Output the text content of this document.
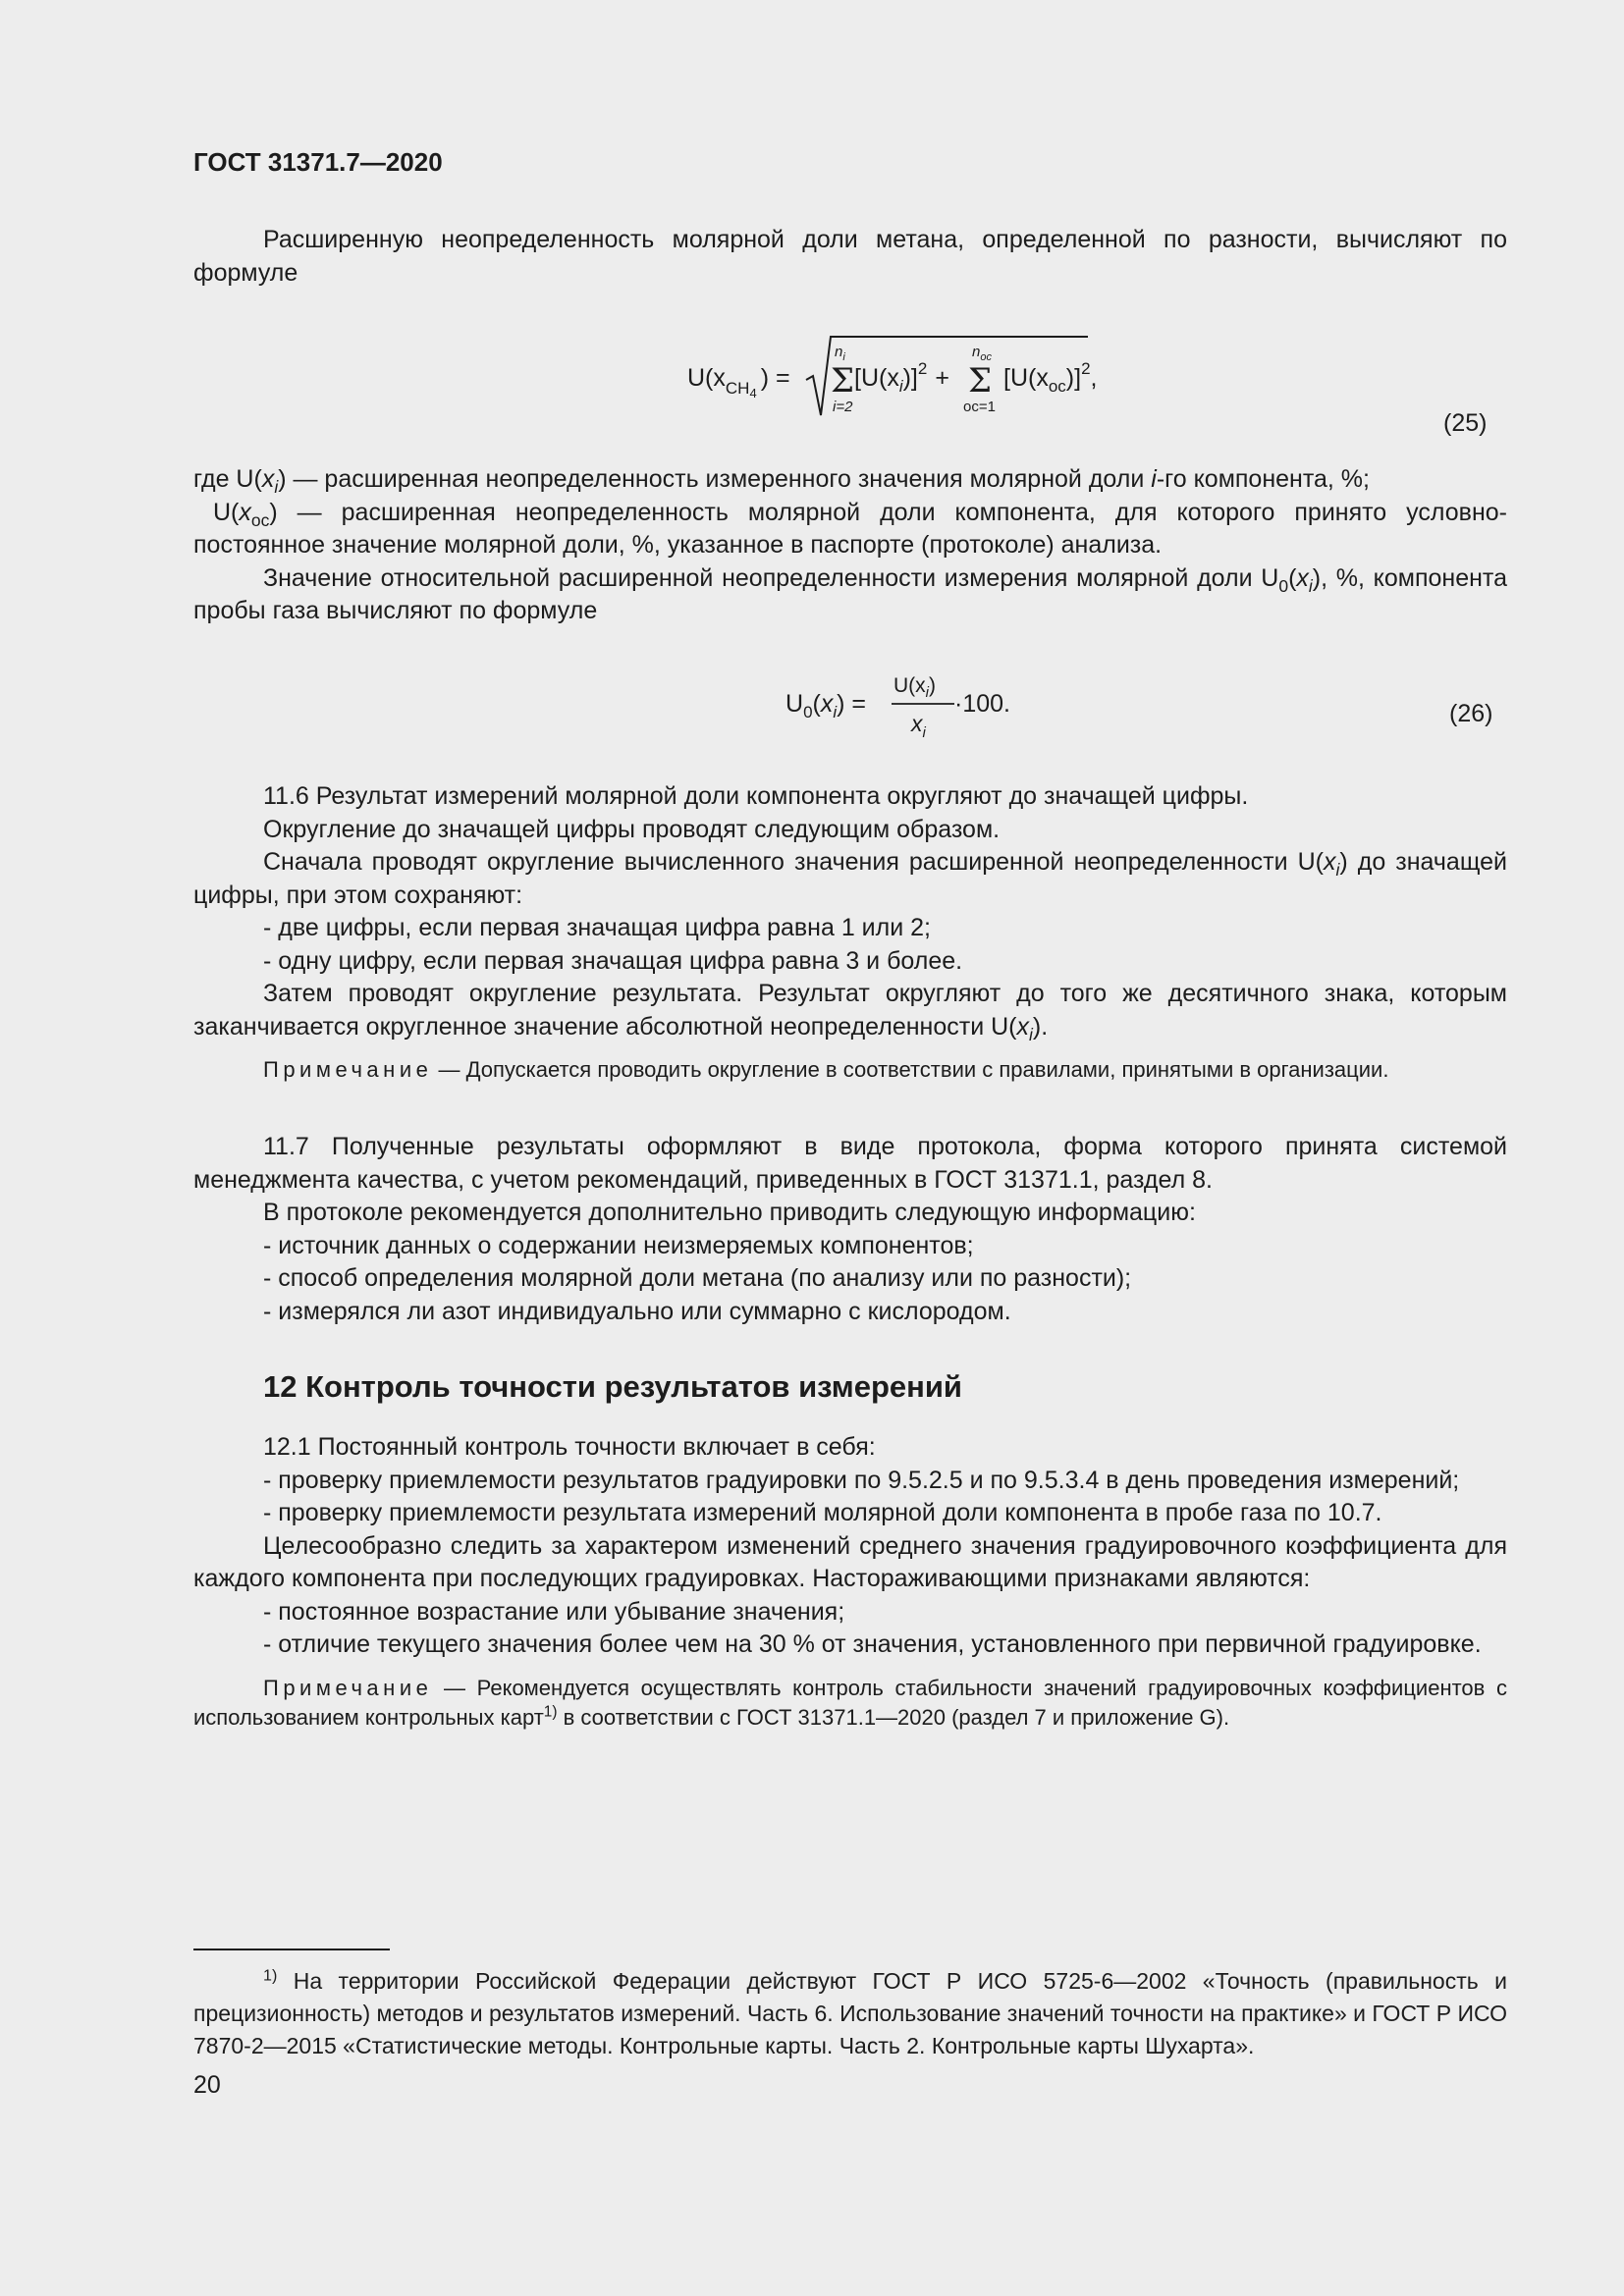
ГОСТ 31371.7—2020

Расширенную неопределенность молярной доли метана, определенной по разности, вычисляют по формуле

$U(x_{CH}4)$ =
$n_i$
Σ
i=2
$[U(x_i)]^2$ +
$n_{ос}$
Σ
ос=1
$[U(x_{ос})]^2$,
(25)

где $U(x_i)$ — расширенная неопределенность измеренного значения молярной доли i-го компонента, %;

$U(x_{ос})$ — расширенная неопределенность молярной доли компонента, для которого принято условно-постоянное значение молярной доли, %, указанное в паспорте (протоколе) анализа.

Значение относительной расширенной неопределенности измерения молярной доли $U_0(x_i)$, %, компонента пробы газа вычисляют по формуле

$U_0(x_i)$ =
$U(x_i)$
$x_i$
·100.	(26)

11.6 Результат измерений молярной доли компонента округляют до значащей цифры.

Округление до значащей цифры проводят следующим образом.

Сначала проводят округление вычисленного значения расширенной неопределенности $U(x_i)$ до значащей цифры, при этом сохраняют:

- две цифры, если первая значащая цифра равна 1 или 2;

- одну цифру, если первая значащая цифра равна 3 и более.

Затем проводят округление результата. Результат округляют до того же десятичного знака, которым заканчивается округленное значение абсолютной неопределенности $U(x_i)$.

Примечание — Допускается проводить округление в соответствии с правилами, принятыми в организации.

11.7 Полученные результаты оформляют в виде протокола, форма которого принята системой менеджмента качества, с учетом рекомендаций, приведенных в ГОСТ 31371.1, раздел 8.

В протоколе рекомендуется дополнительно приводить следующую информацию:

- источник данных о содержании неизмеряемых компонентов;

- способ определения молярной доли метана (по анализу или по разности);

- измерялся ли азот индивидуально или суммарно с кислородом.

12 Контроль точности результатов измерений

12.1 Постоянный контроль точности включает в себя:

- проверку приемлемости результатов градуировки по 9.5.2.5 и по 9.5.3.4 в день проведения измерений;

- проверку приемлемости результата измерений молярной доли компонента в пробе газа по 10.7.

Целесообразно следить за характером изменений среднего значения градуировочного коэффициента для каждого компонента при последующих градуировках. Настораживающими признаками являются:

- постоянное возрастание или убывание значения;

- отличие текущего значения более чем на 30 % от значения, установленного при первичной градуировке.

Примечание — Рекомендуется осуществлять контроль стабильности значений градуировочных коэффициентов с использованием контрольных карт$^{1)}$ в соответствии с ГОСТ 31371.1—2020 (раздел 7 и приложение G).

$^{1)}$ На территории Российской Федерации действуют ГОСТ Р ИСО 5725-6—2002 «Точность (правильность и прецизионность) методов и результатов измерений. Часть 6. Использование значений точности на практике» и ГОСТ Р ИСО 7870-2—2015 «Статистические методы. Контрольные карты. Часть 2. Контрольные карты Шухарта».

20
